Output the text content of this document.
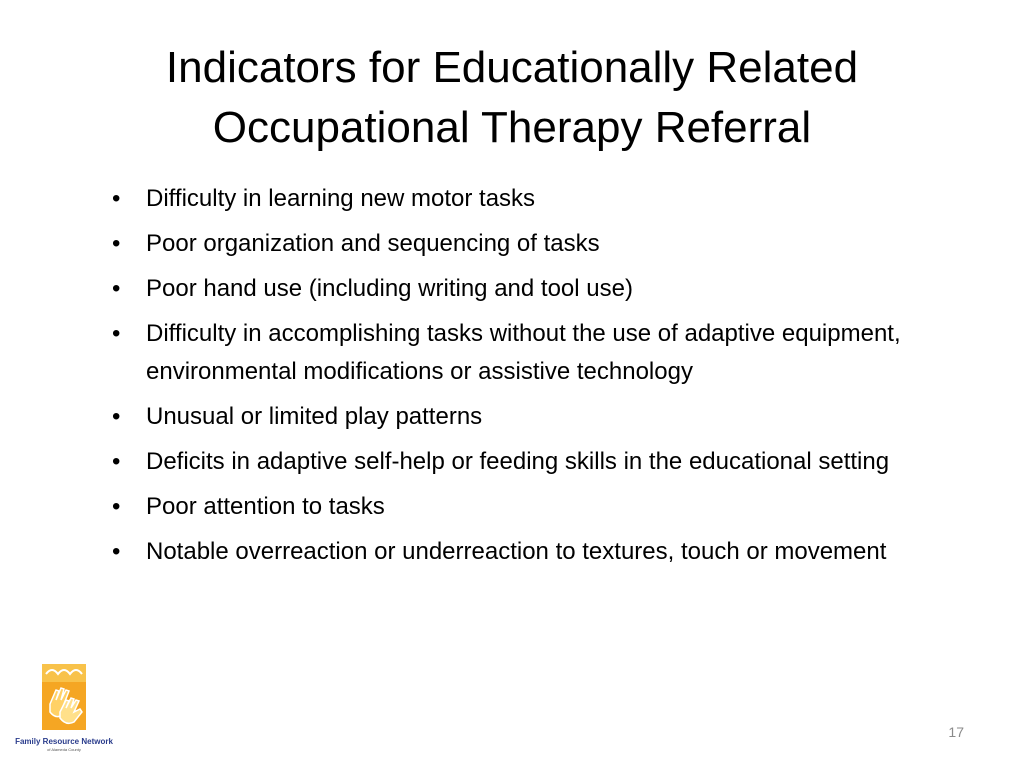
Indicators for Educationally Related
Occupational Therapy Referral
•	Difficulty in learning new motor tasks
•	Poor organization and sequencing of tasks
•	Poor hand use (including writing and tool use)
•	Difficulty in accomplishing tasks without the use of adaptive equipment, environmental modifications or assistive technology
•	Unusual or limited play patterns
•	Deficits in adaptive self-help or feeding skills in the educational setting
•	Poor attention to tasks
•	Notable overreaction or underreaction to textures, touch or movement
Family Resource Network
of Alameda County
17
